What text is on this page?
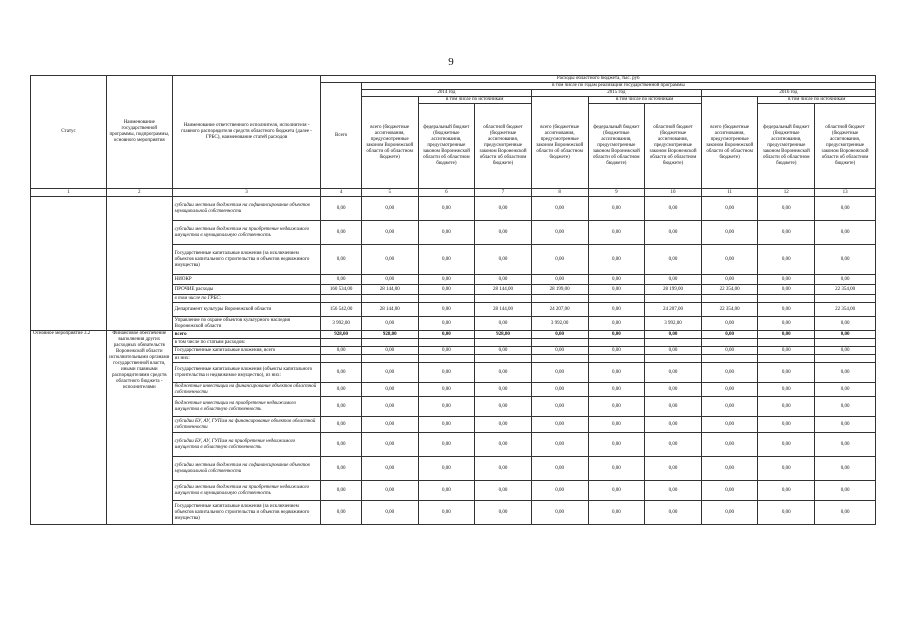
9
Статус	Наименование государственной программы, подпрограммы, основного мероприятия	Наименование ответственного исполнителя, исполнителя - главного распорядителя средств областного бюджета (далее - ГРБС), наименование статей расходов	Расходы областного бюджета, тыс. руб									
			Всего	в том числе по годам реализации государственной программы								
				2014 год			2015 год			2016 год		
				всего (бюджетные ассигнования, предусмотренные законом Воронежской области об областном бюджете)	в том числе по источникам		всего (бюджетные ассигнования, предусмотренные законом Воронежской области об областном бюджете)	в том числе по источникам		всего (бюджетные ассигнования, предусмотренные законом Воронежской области об областном бюджете)	в том числе по источникам	
					федеральный бюджет (бюджетные ассигнования, предусмотренные законом Воронежской области об областном бюджете)	областной бюджет (бюджетные ассигнования, предусмотренные законом Воронежской области об областном бюджете)		федеральный бюджет (бюджетные ассигнования, предусмотренные законом Воронежской области об областном бюджете)	областной бюджет (бюджетные ассигнования, предусмотренные законом Воронежской области об областном бюджете)		федеральный бюджет (бюджетные ассигнования, предусмотренные законом Воронежской области об областном бюджете)	областной бюджет (бюджетные ассигнования, предусмотренные законом Воронежской области об областном бюджете)
1	2	3	4	5	6	7	8	9	10	11	12	13
		субсидии местным бюджетам на софинансирование объектов муниципальной собственности	0,00	0,00	0,00	0,00	0,00	0,00	0,00	0,00	0,00	0,00
		субсидии местным бюджетам на приобретение недвижимого имущества в муниципальную собственность	0,00	0,00	0,00	0,00	0,00	0,00	0,00	0,00	0,00	0,00
		Государственные капитальные вложения (за исключением объектов капитального строительства и объектов недвижимого имущества)	0,00	0,00	0,00	0,00	0,00	0,00	0,00	0,00	0,00	0,00
		НИОКР	0,00	0,00	0,00	0,00	0,00	0,00	0,00	0,00	0,00	0,00
		ПРОЧИЕ расходы	160 534,00	28 144,00	0,00	28 144,00	28 199,00	0,00	28 199,00	22 354,00	0,00	22 354,00
		в том числе по ГРБС:										
		Департамент культуры Воронежской области	156 542,00	28 144,00	0,00	28 144,00	24 207,00	0,00	24 207,00	22 354,00	0,00	22 354,00
		Управление по охране объектов культурного наследия Воронежской области	3 992,00	0,00	0,00	0,00	3 992,00	0,00	3 992,00	0,00	0,00	0,00
Основное мероприятие 3.2	Финансовое обеспечение выполнения других расходных обязательств Воронежской области исполнительными органами государственной власти, иными главными распорядителями средств областного бюджета - исполнителями	всего	928,00	928,00	0,00	928,00	0,00	0,00	0,00	0,00	0,00	0,00
		в том числе по статьям расходов:										
		Государственные капитальные вложения, всего	0,00	0,00	0,00	0,00	0,00	0,00	0,00	0,00	0,00	0,00
		из них:										
		Государственные капитальные вложения (объекты капитального строительства и недвижимое имущество), из них:	0,00	0,00	0,00	0,00	0,00	0,00	0,00	0,00	0,00	0,00
		бюджетные инвестиции на финансирование объектов областной собственности	0,00	0,00	0,00	0,00	0,00	0,00	0,00	0,00	0,00	0,00
		бюджетные инвестиции на приобретение недвижимого имущества в областную собственность	0,00	0,00	0,00	0,00	0,00	0,00	0,00	0,00	0,00	0,00
		субсидии БУ, АУ, ГУПам на финансирование объектов областной собственности	0,00	0,00	0,00	0,00	0,00	0,00	0,00	0,00	0,00	0,00
		субсидии БУ, АУ, ГУПам на приобретение недвижимого имущества в областную собственность	0,00	0,00	0,00	0,00	0,00	0,00	0,00	0,00	0,00	0,00
		субсидии местным бюджетам на софинансирование объектов муниципальной собственности	0,00	0,00	0,00	0,00	0,00	0,00	0,00	0,00	0,00	0,00
		субсидии местным бюджетам на приобретение недвижимого имущества в муниципальную собственность	0,00	0,00	0,00	0,00	0,00	0,00	0,00	0,00	0,00	0,00
		Государственные капитальные вложения (за исключением объектов капитального строительства и объектов недвижимого имущества)	0,00	0,00	0,00	0,00	0,00	0,00	0,00	0,00	0,00	0,00
